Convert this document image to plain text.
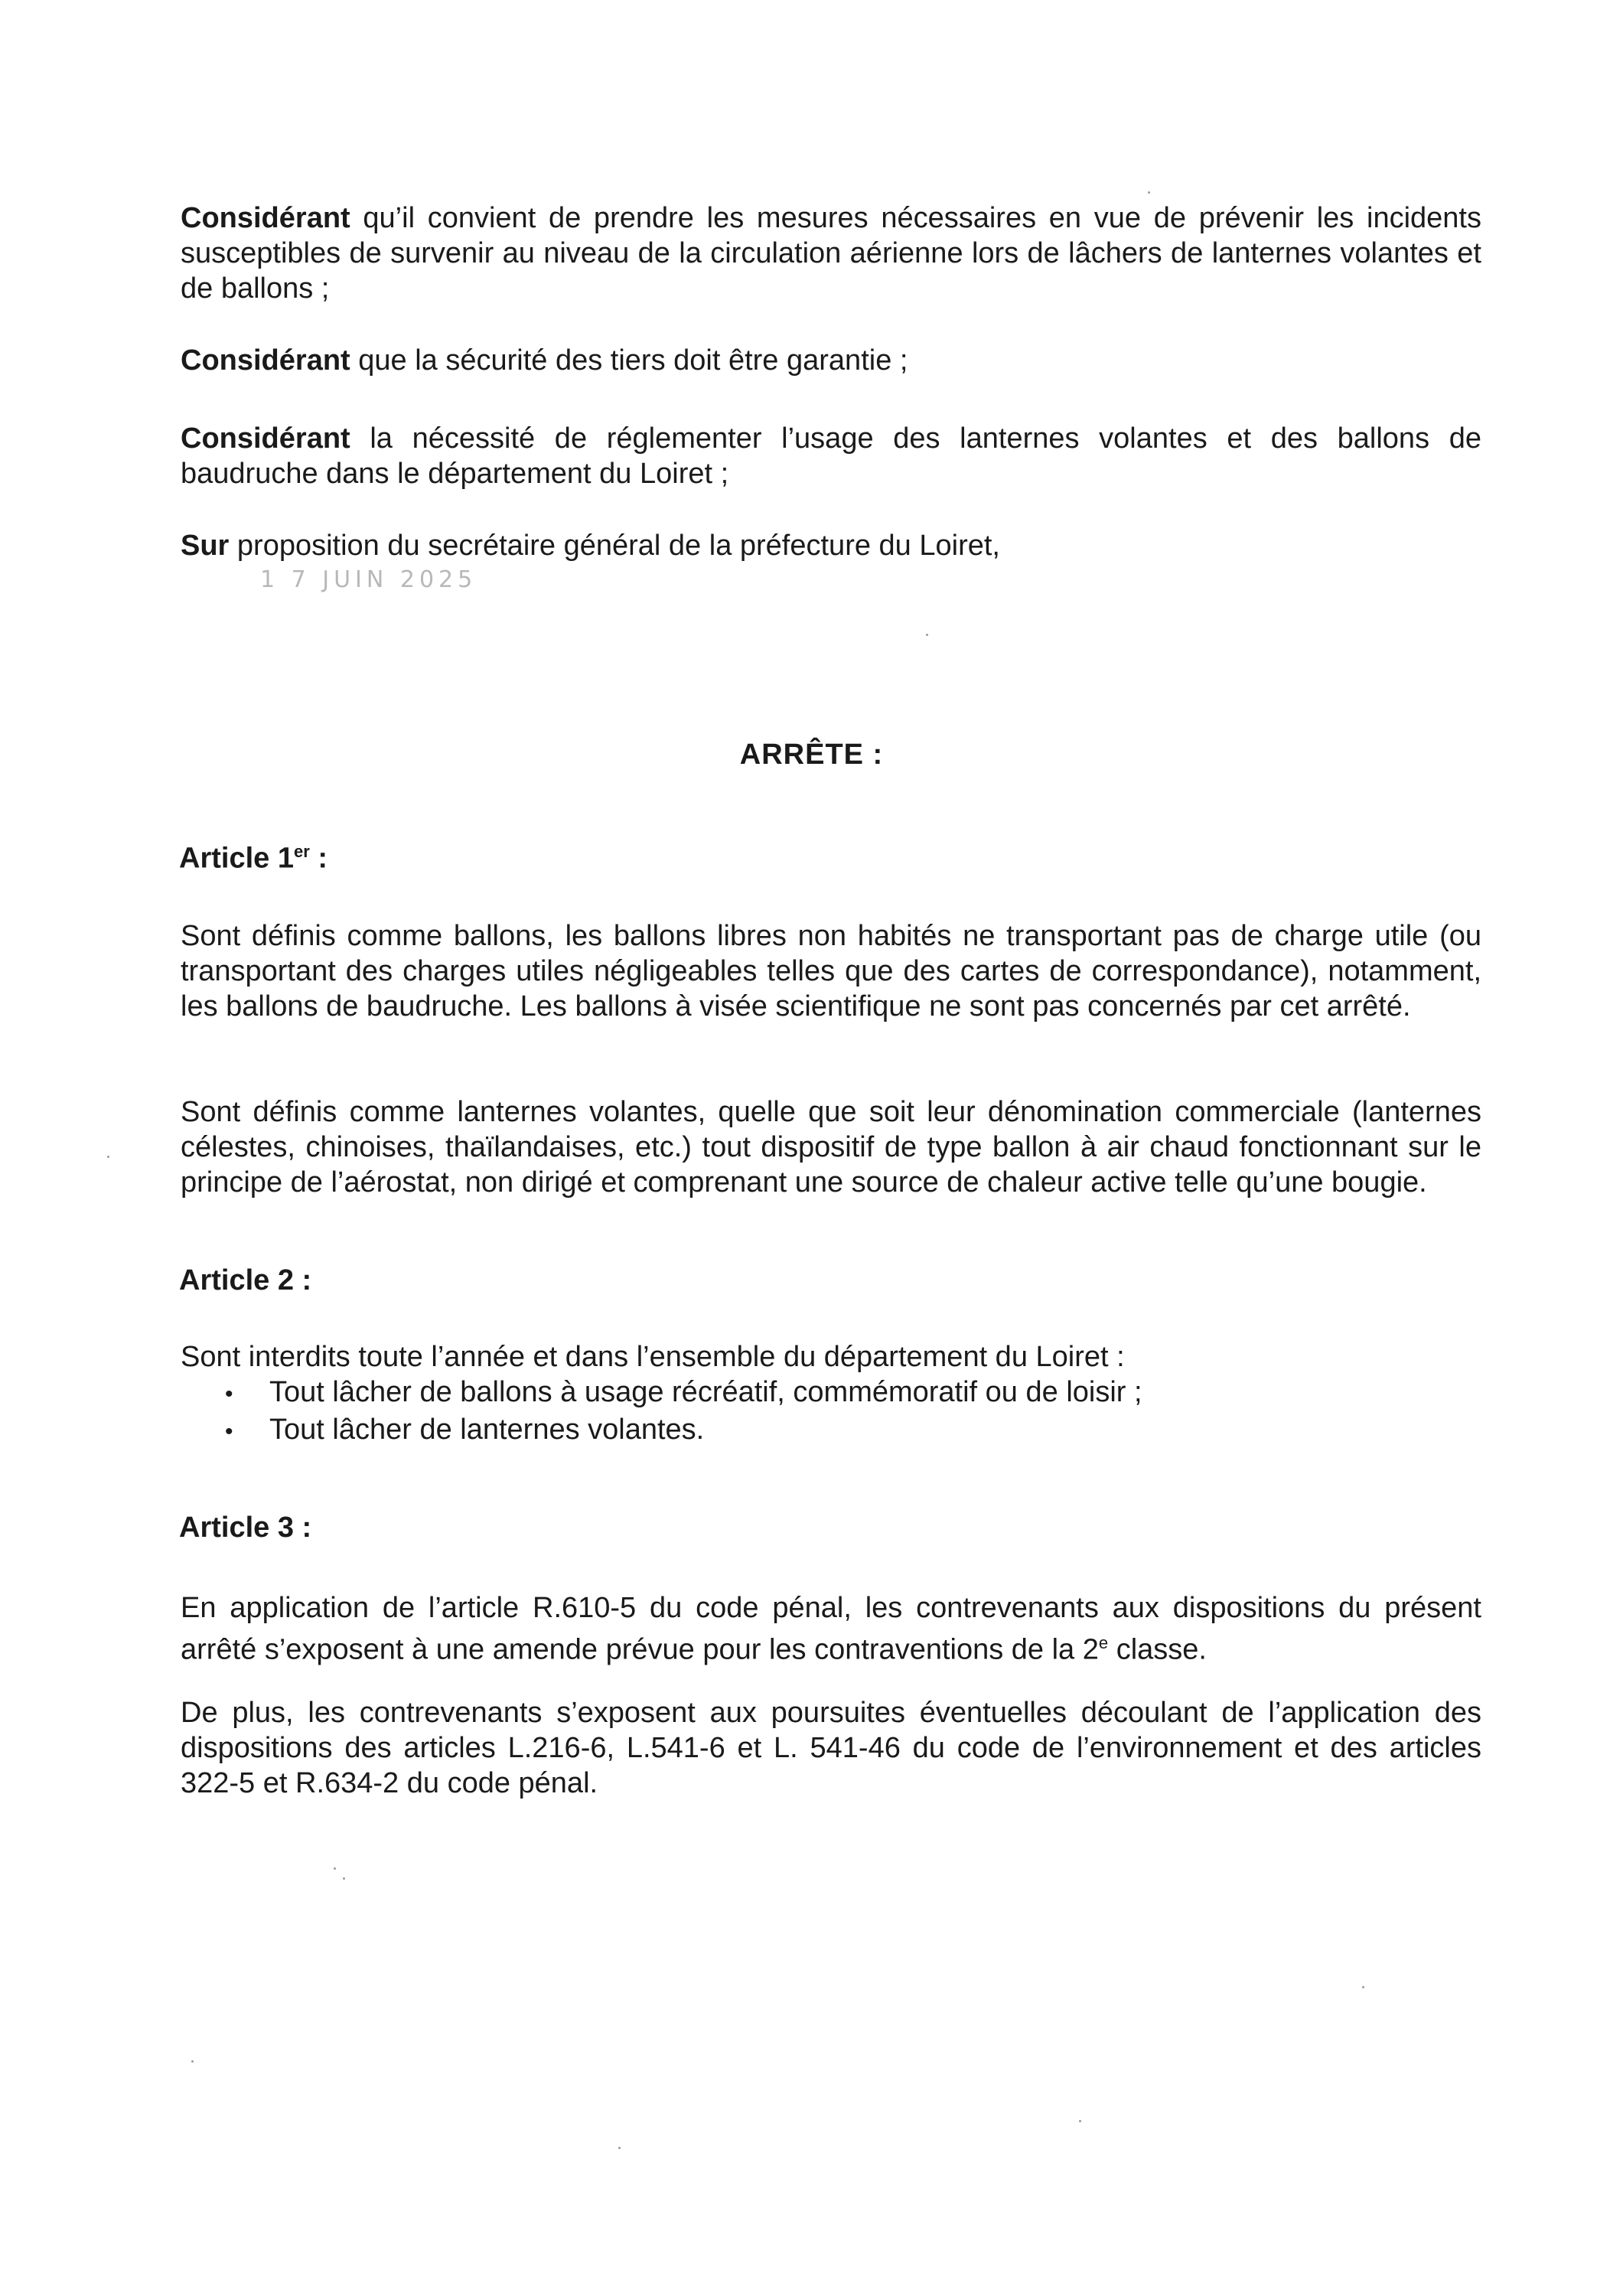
Considérant qu’il convient de prendre les mesures nécessaires en vue de prévenir les incidents susceptibles de survenir au niveau de la circulation aérienne lors de lâchers de lanternes volantes et de ballons ;

Considérant que la sécurité des tiers doit être garantie ;

Considérant la nécessité de réglementer l’usage des lanternes volantes et des ballons de baudruche dans le département du Loiret ;

Sur proposition du secrétaire général de la préfecture du Loiret,

1 7 JUIN 2025
ARRÊTE :

Article 1er :

Sont définis comme ballons, les ballons libres non habités ne transportant pas de charge utile (ou transportant des charges utiles négligeables telles que des cartes de correspondance), notamment, les ballons de baudruche. Les ballons à visée scientifique ne sont pas concernés par cet arrêté.

Sont définis comme lanternes volantes, quelle que soit leur dénomination commerciale (lanternes célestes, chinoises, thaïlandaises, etc.) tout dispositif de type ballon à air chaud fonctionnant sur le principe de l’aérostat, non dirigé et comprenant une source de chaleur active telle qu’une bougie.

Article 2 :

Sont interdits toute l’année et dans l’ensemble du département du Loiret :

•	Tout lâcher de ballons à usage récréatif, commémoratif ou de loisir ;
•	Tout lâcher de lanternes volantes.

Article 3 :

En application de l’article R.610-5 du code pénal, les contrevenants aux dispositions du présent arrêté s’exposent à une amende prévue pour les contraventions de la 2e classe.

De plus, les contrevenants s’exposent aux poursuites éventuelles découlant de l’application des dispositions des articles L.216-6, L.541-6 et L. 541-46 du code de l’environnement et des articles 322-5 et R.634-2 du code pénal.
